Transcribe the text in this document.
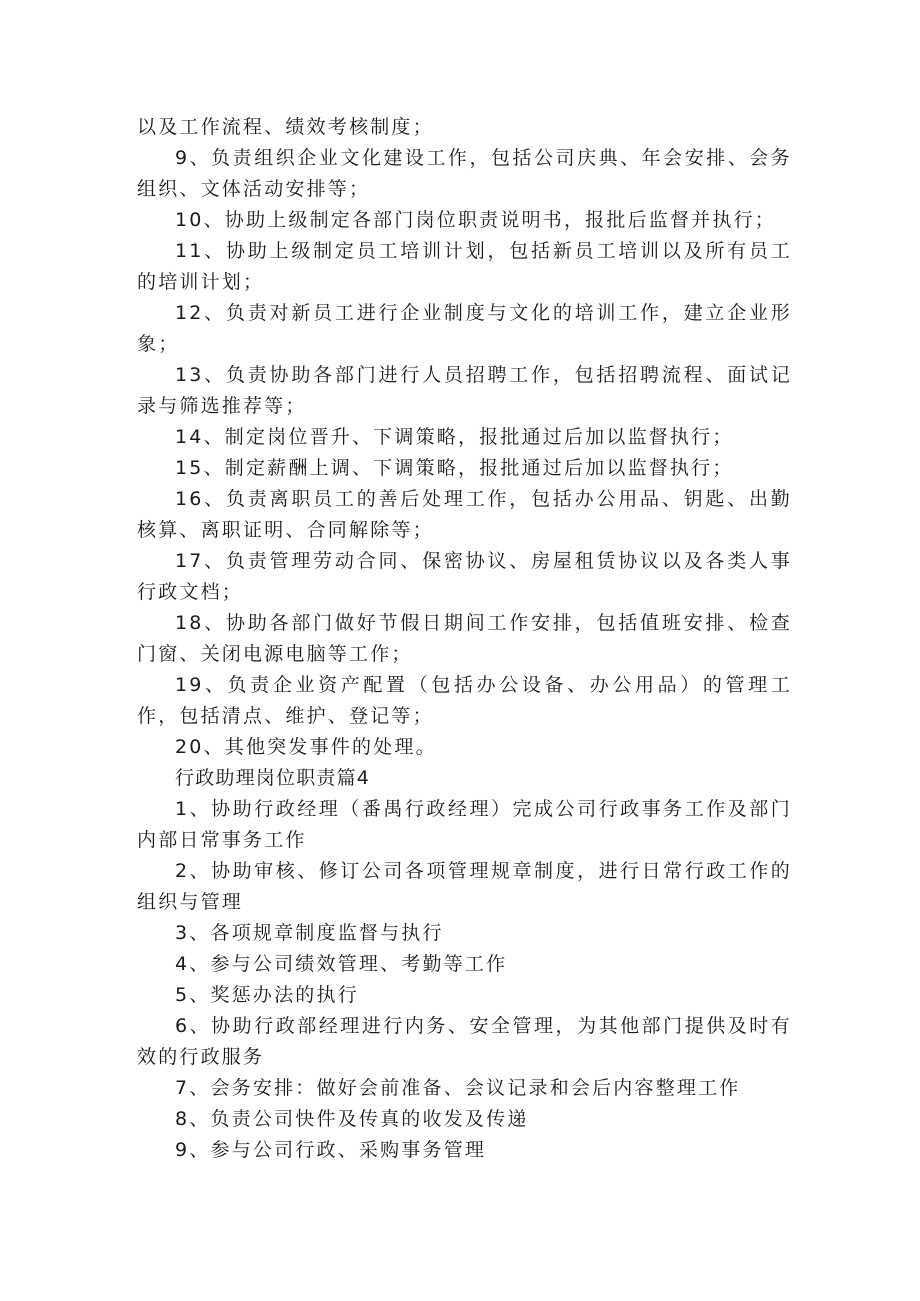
以及工作流程、绩效考核制度；

9、负责组织企业文化建设工作，包括公司庆典、年会安排、会务组织、文体活动安排等；

10、协助上级制定各部门岗位职责说明书，报批后监督并执行；

11、协助上级制定员工培训计划，包括新员工培训以及所有员工的培训计划；

12、负责对新员工进行企业制度与文化的培训工作，建立企业形象；

13、负责协助各部门进行人员招聘工作，包括招聘流程、面试记录与筛选推荐等；

14、制定岗位晋升、下调策略，报批通过后加以监督执行；

15、制定薪酬上调、下调策略，报批通过后加以监督执行；

16、负责离职员工的善后处理工作，包括办公用品、钥匙、出勤核算、离职证明、合同解除等；

17、负责管理劳动合同、保密协议、房屋租赁协议以及各类人事行政文档；

18、协助各部门做好节假日期间工作安排，包括值班安排、检查门窗、关闭电源电脑等工作；

19、负责企业资产配置（包括办公设备、办公用品）的管理工作，包括清点、维护、登记等；

20、其他突发事件的处理。

行政助理岗位职责篇4

1、协助行政经理（番禺行政经理）完成公司行政事务工作及部门内部日常事务工作

2、协助审核、修订公司各项管理规章制度，进行日常行政工作的组织与管理

3、各项规章制度监督与执行

4、参与公司绩效管理、考勤等工作

5、奖惩办法的执行

6、协助行政部经理进行内务、安全管理，为其他部门提供及时有效的行政服务

7、会务安排：做好会前准备、会议记录和会后内容整理工作

8、负责公司快件及传真的收发及传递

9、参与公司行政、采购事务管理
